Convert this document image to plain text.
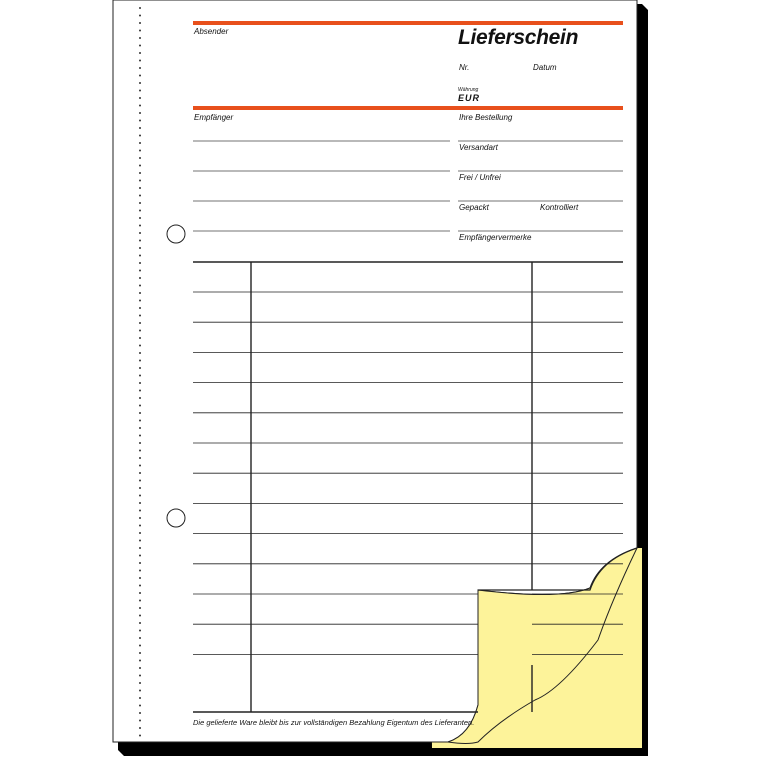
Lieferschein
Absender
Nr.	Datum
Währung
EUR
Empfänger	Ihre Bestellung
Versandart
Frei / Unfrei
Gepackt	Kontrolliert
Empfängervermerke
Die gelieferte Ware bleibt bis zur vollständigen Bezahlung Eigentum des Lieferanten.
